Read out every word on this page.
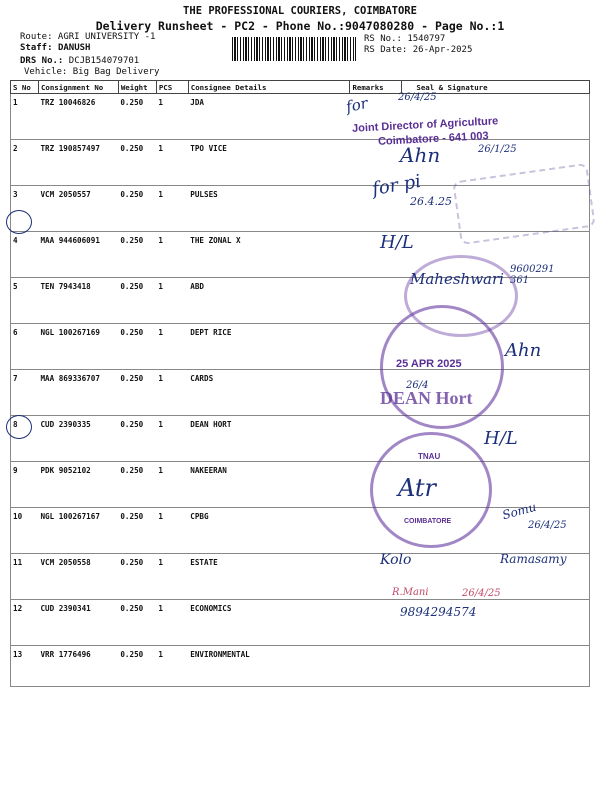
THE PROFESSIONAL COURIERS, COIMBATORE
Delivery Runsheet - PC2 - Phone No.:9047080280 - Page No.:1
Route: AGRI UNIVERSITY -1
Staff: DANUSH
DRS No.: DCJB154079701
Vehicle: Big Bag Delivery
RS No.: 1540797
RS Date: 26-Apr-2025
S No	Consignment No	Weight	PCS	Consignee Details	Remarks	Seal & Signature
1	TRZ 10046826	0.250	1	JDA		
2	TRZ 190857497	0.250	1	TPO VICE		
3	VCM 2050557	0.250	1	PULSES		
4	MAA 944606091	0.250	1	THE ZONAL X		
5	TEN 7943418	0.250	1	ABD		
6	NGL 100267169	0.250	1	DEPT RICE		
7	MAA 869336707	0.250	1	CARDS		
8	CUD 2390335	0.250	1	DEAN HORT		
9	PDK 9052102	0.250	1	NAKEERAN		
10	NGL 100267167	0.250	1	CPBG		
11	VCM 2050558	0.250	1	ESTATE		
12	CUD 2390341	0.250	1	ECONOMICS		
13	VRR 1776496	0.250	1	ENVIRONMENTAL		
for	26/4/25
Joint Director of Agriculture
Coimbatore - 641 003
26/1/25
Ahn
for pi
26.4.25
H/L
Maheshwari
9600291361
25 APR 2025
Ahn
26/4
DEAN Hort
H/L
TNAU
COIMBATORE
Atr
Somu
26/4/25
Kolo	Ramasamy
R.Mani	26/4/25
9894294574
